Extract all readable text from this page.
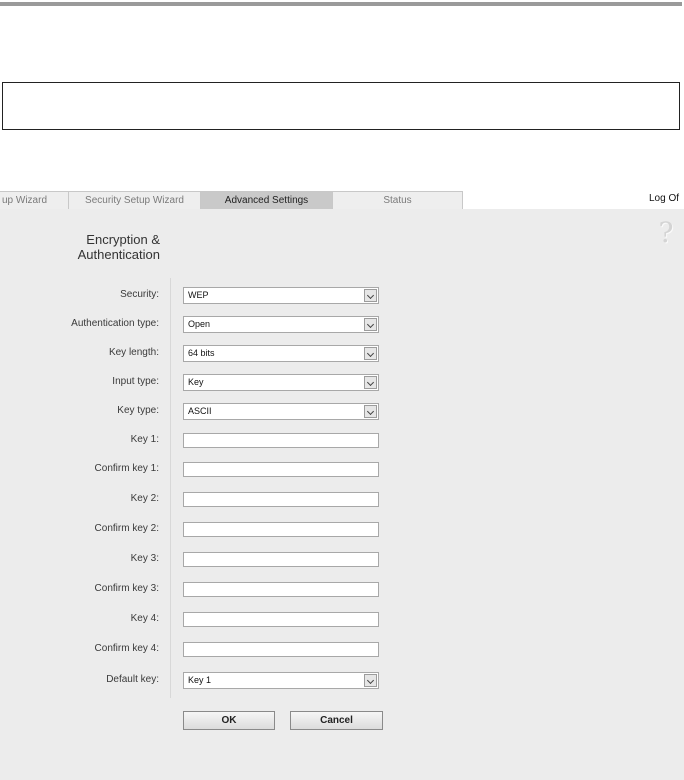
up Wizard	Security Setup Wizard	Advanced Settings	Status	Log Of
Encryption &
Authentication
?
Security:	WEP
Authentication type:	Open
Key length:	64 bits
Input type:	Key
Key type:	ASCII
Key 1:
Confirm key 1:
Key 2:
Confirm key 2:
Key 3:
Confirm key 3:
Key 4:
Confirm key 4:
Default key:	Key 1
OK	Cancel
